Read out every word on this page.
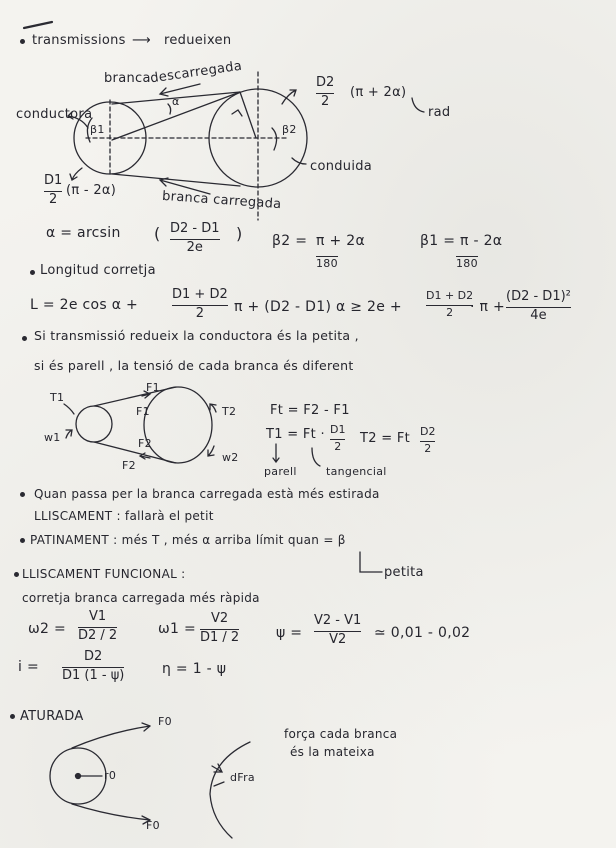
transmissions ⟶ redueixen
branca
descarregada
α
conductora
β1	β2
conduida
D2
2
(π + 2α)
rad
D1
2
(π - 2α)	branca carregada
α = arcsin ( D2 - D1
2e
) β2 = π + 2α
180
β1 = π - 2α
180
Longitud corretja
L = 2e cos α +
D1 + D2
2 π + (D2 - D1) α ≥ 2e +
D1 + D2
2 · π +
(D2 - D1)²
4e
Si transmissió redueix la conductora és la petita ,
si és parell , la tensió de cada branca és diferent
T1
F1
F1	T2
w1	F2
F2
w2
Ft = F2 - F1
T1 = Ft · D1
2
T2 = Ft D2
2
parell	tangencial
Quan passa per la branca carregada està més estirada
LLISCAMENT : fallarà el petit
PATINAMENT : més T , més α arriba límit quan = β
petita
LLISCAMENT FUNCIONAL :
corretja branca carregada més ràpida
ω2 =
V1
D2 / 2	ω1 =
V2
D1 / 2	ψ =
V2 - V1
V2 ≃ 0,01 - 0,02
i =
D2
D1 (1 - ψ)	η = 1 - ψ
ATURADA	F0
r0
F0
dFra
força cada branca
és la mateixa
